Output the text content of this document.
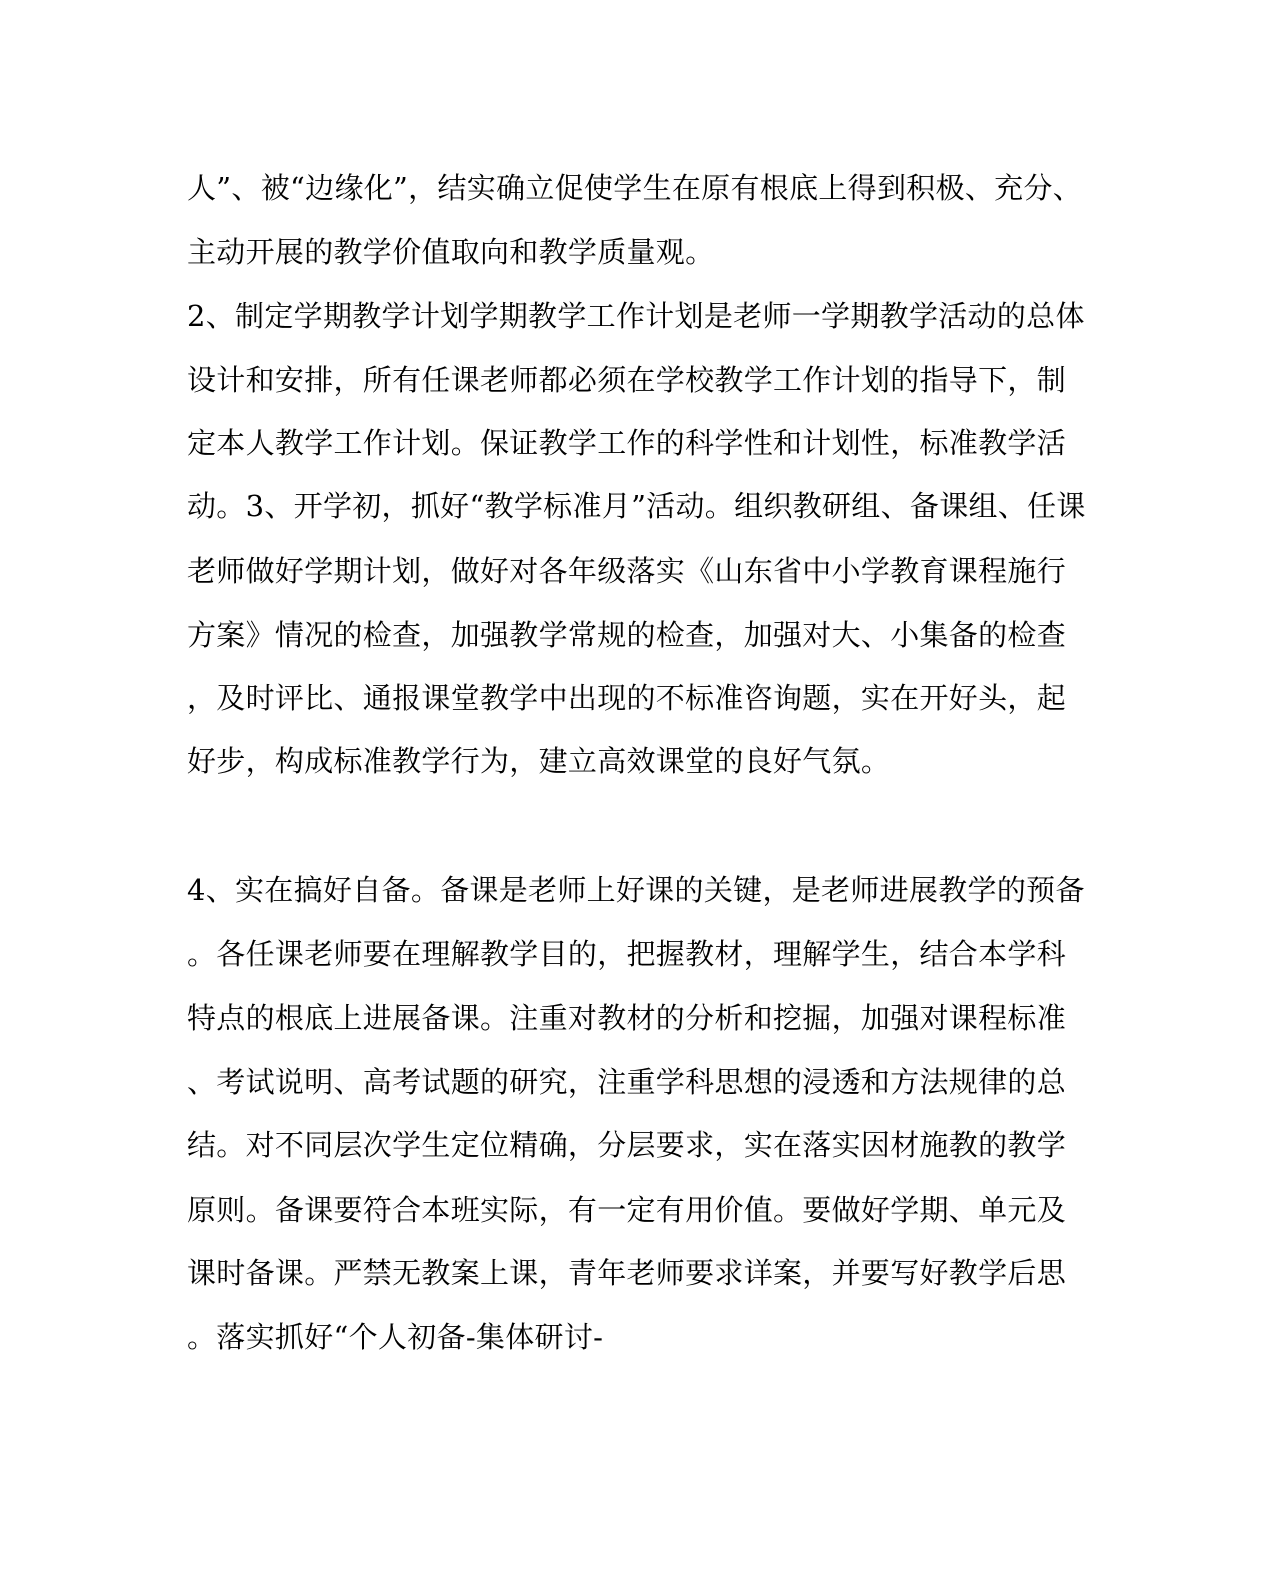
人”、被“边缘化”，结实确立促使学生在原有根底上得到积极、充分、

主动开展的教学价值取向和教学质量观。

2、制定学期教学计划学期教学工作计划是老师一学期教学活动的总体

设计和安排，所有任课老师都必须在学校教学工作计划的指导下，制

定本人教学工作计划。保证教学工作的科学性和计划性，标准教学活

动。3、开学初，抓好“教学标准月”活动。组织教研组、备课组、任课

老师做好学期计划，做好对各年级落实《山东省中小学教育课程施行

方案》情况的检查，加强教学常规的检查，加强对大、小集备的检查

，及时评比、通报课堂教学中出现的不标准咨询题，实在开好头，起

好步，构成标准教学行为，建立高效课堂的良好气氛。

4、实在搞好自备。备课是老师上好课的关键，是老师进展教学的预备

。各任课老师要在理解教学目的，把握教材，理解学生，结合本学科

特点的根底上进展备课。注重对教材的分析和挖掘，加强对课程标准

、考试说明、高考试题的研究，注重学科思想的浸透和方法规律的总

结。对不同层次学生定位精确，分层要求，实在落实因材施教的教学

原则。备课要符合本班实际，有一定有用价值。要做好学期、单元及

课时备课。严禁无教案上课，青年老师要求详案，并要写好教学后思

。落实抓好“个人初备-集体研讨-
